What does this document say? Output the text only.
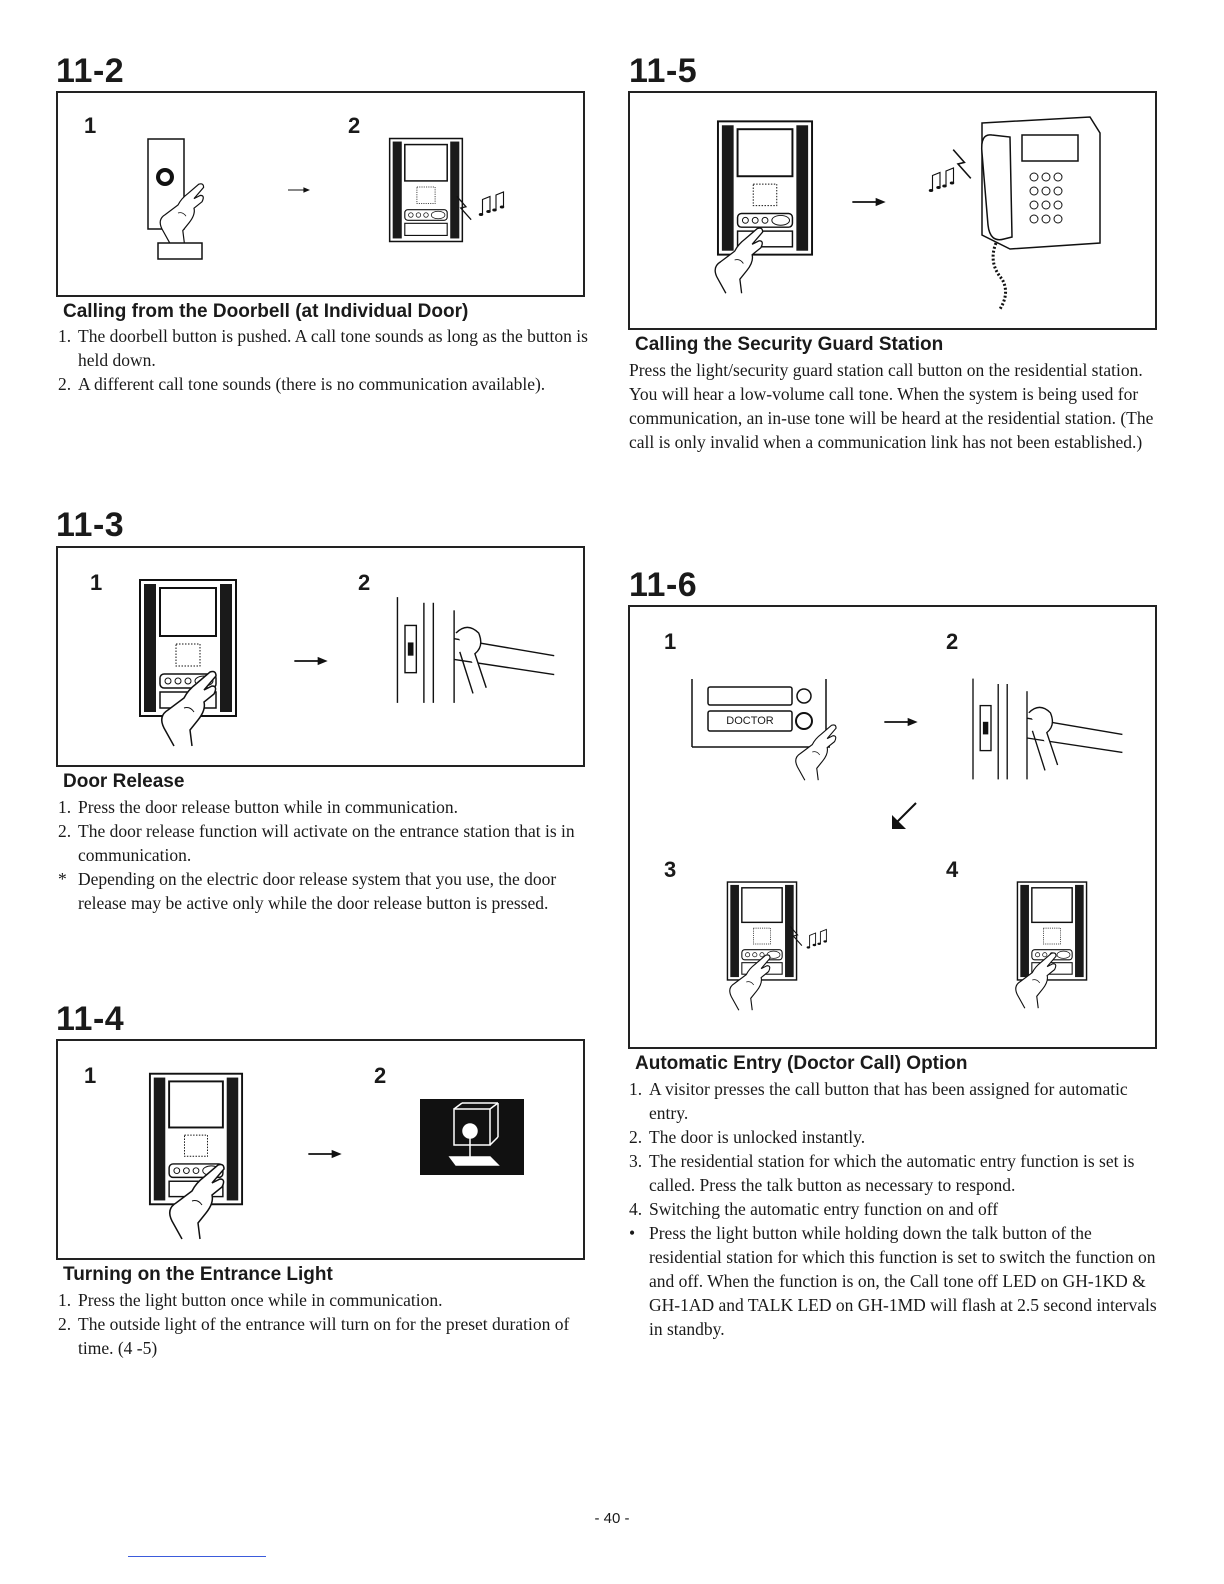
11-2
1	2
Calling from the Doorbell (at Individual Door)
1. The doorbell button is pushed. A call tone sounds as long as the button is held down.
2. A different call tone sounds (there is no communication available).
11-3
1	2
Door Release
1. Press the door release button while in communication.
2. The door release function will activate on the entrance station that is in communication.
* Depending on the electric door release system that you use, the door release may be active only while the door release button is pressed.
11-4
1	2
Turning on the Entrance Light
1. Press the light button once while in communication.
2. The outside light of the entrance will turn on for the preset duration of time. (4 -5)
11-5
Calling the Security Guard Station

Press the light/security guard station call button on the residential station. You will hear a low-volume call tone. When the system is being used for communication, an in-use tone will be heard at the residential station. (The call is only invalid when a communication link has not been established.)

11-6
1	2
3	4
DOCTOR
Automatic Entry (Doctor Call) Option
1. A visitor presses the call button that has been assigned for automatic entry.
2. The door is unlocked instantly.
3. The residential station for which the automatic entry function is set is called. Press the talk button as necessary to respond.
4. Switching the automatic entry function on and off
• Press the light button while holding down the talk button of the residential station for which this function is set to switch the function on and off. When the function is on, the Call tone off LED on GH-1KD & GH-1AD and TALK LED on GH-1MD will flash at 2.5 second intervals in standby.
- 40 -
